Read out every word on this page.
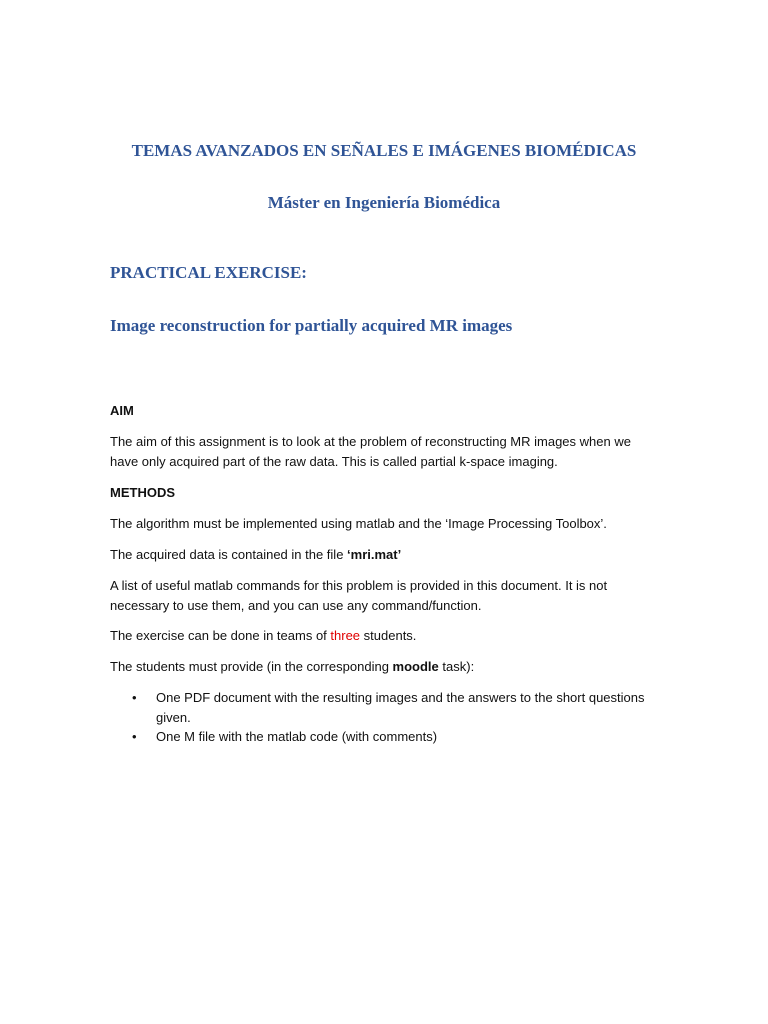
TEMAS AVANZADOS EN SEÑALES E IMÁGENES BIOMÉDICAS
Máster en Ingeniería Biomédica
PRACTICAL EXERCISE:
Image reconstruction for partially acquired MR images
AIM
The aim of this assignment is to look at the problem of reconstructing MR images when we have only acquired part of the raw data. This is called partial k-space imaging.
METHODS
The algorithm must be implemented using matlab and the ‘Image Processing Toolbox’.
The acquired data is contained in the file ‘mri.mat’
A list of useful matlab commands for this problem is provided in this document. It is not necessary to use them, and you can use any command/function.
The exercise can be done in teams of three students.
The students must provide (in the corresponding moodle task):
•	One PDF document with the resulting images and the answers to the short questions given.
•	One M file with the matlab code (with comments)
